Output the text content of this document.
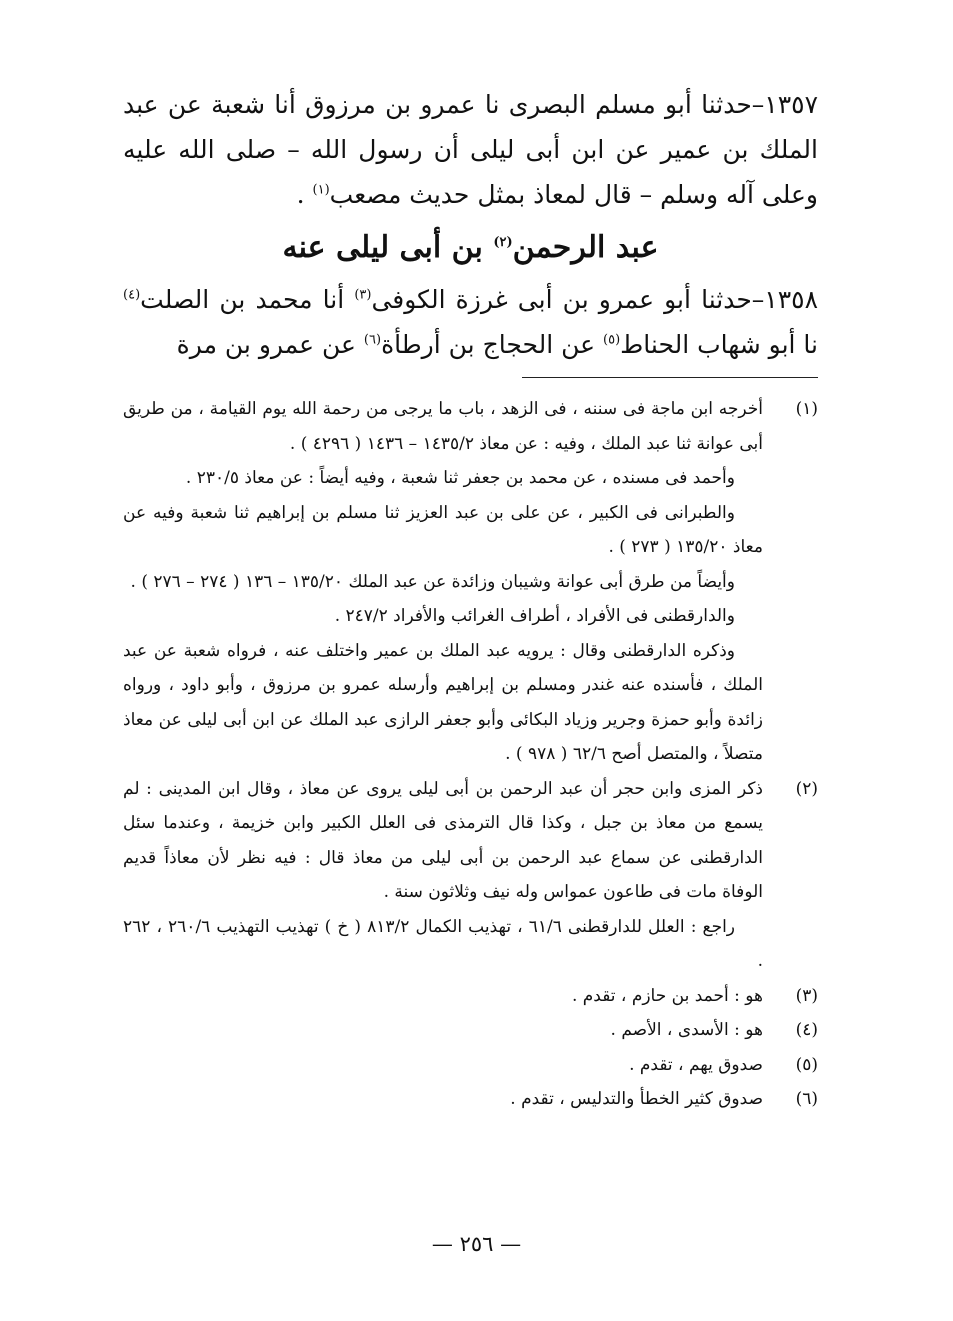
١٣٥٧–حدثنا أبو مسلم البصرى نا عمرو بن مرزوق أنا شعبة عن عبد الملك بن عمير عن ابن أبى ليلى أن رسول الله – صلى الله عليه وعلى آله وسلم – قال لمعاذ بمثل حديث مصعب$^{(١)}$ .

عبد الرحمن$^{(٢)}$ بن أبى ليلى عنه

١٣٥٨–حدثنا أبو عمرو بن أبى غرزة الكوفى$^{(٣)}$ أنا محمد بن الصلت$^{(٤)}$ نا أبو شهاب الحناط$^{(٥)}$ عن الحجاج بن أرطأة$^{(٦)}$ عن عمرو بن مرة

(١)

أخرجه ابن ماجة فى سننه ، فى الزهد ، باب ما يرجى من رحمة الله يوم القيامة ، من طريق أبى عوانة ثنا عبد الملك ، وفيه : عن معاذ ١٤٣٥/٢ – ١٤٣٦ ( ٤٢٩٦ ) .

وأحمد فى مسنده ، عن محمد بن جعفر ثنا شعبة ، وفيه أيضاً : عن معاذ ٢٣٠/٥ .

والطبرانى فى الكبير ، عن على بن عبد العزيز ثنا مسلم بن إبراهيم ثنا شعبة وفيه عن معاذ ١٣٥/٢٠ ( ٢٧٣ ) .

وأيضاً من طرق أبى عوانة وشيبان وزائدة عن عبد الملك ١٣٥/٢٠ – ١٣٦ ( ٢٧٤ – ٢٧٦ ) .

والدارقطنى فى الأفراد ، أطراف الغرائب والأفراد ٢٤٧/٢ .

وذكره الدارقطنى وقال : يرويه عبد الملك بن عمير واختلف عنه ، فرواه شعبة عن عبد الملك ، فأسنده عنه غندر ومسلم بن إبراهيم وأرسله عمرو بن مرزوق ، وأبو داود ، ورواه زائدة وأبو حمزة وجرير وزياد البكائى وأبو جعفر الرازى عبد الملك عن ابن أبى ليلى عن معاذ متصلاً ، والمتصل أصح ٦٢/٦ ( ٩٧٨ ) .

(٢)

ذكر المزى وابن حجر أن عبد الرحمن بن أبى ليلى يروى عن معاذ ، وقال ابن المدينى : لم يسمع من معاذ بن جبل ، وكذا قال الترمذى فى العلل الكبير وابن خزيمة ، وعندما سئل الدارقطنى عن سماع عبد الرحمن بن أبى ليلى من معاذ قال : فيه نظر لأن معاذاً قديم الوفاة مات فى طاعون عمواس وله نيف وثلاثون سنة .

راجع : العلل للدارقطنى ٦١/٦ ، تهذيب الكمال ٨١٣/٢ ( خ ) تهذيب التهذيب ٢٦٠/٦ ، ٢٦٢ .

(٣)
هو : أحمد بن حازم ، تقدم .
(٤)
هو : الأسدى ، الأصم .
(٥)
صدوق يهم ، تقدم .
(٦)
صدوق كثير الخطأ والتدليس ، تقدم .
— ٢٥٦ —
